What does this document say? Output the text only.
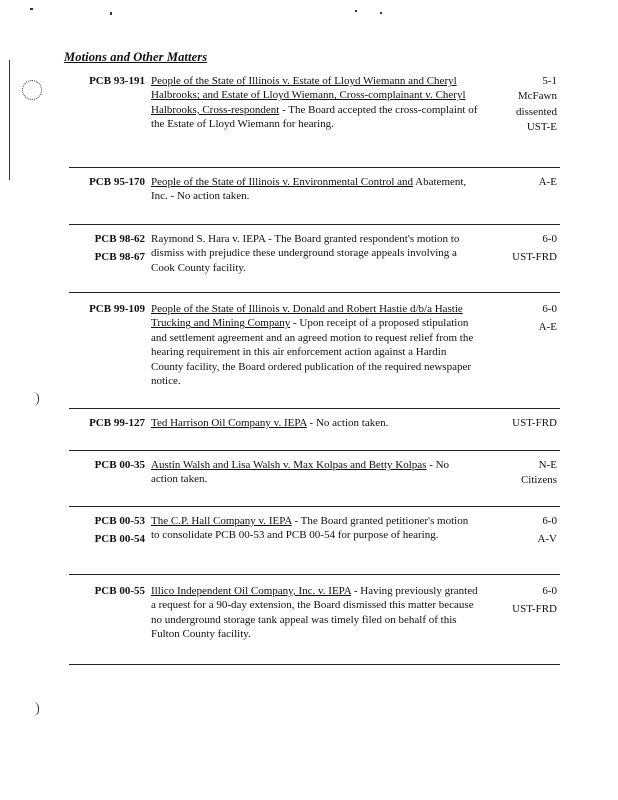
Motions and Other Matters
PCB 93-191 People of the State of Illinois v. Estate of Lloyd Wiemann and Cheryl Halbrooks; and Estate of Lloyd Wiemann, Cross-complainant v. Cheryl Halbrooks, Cross-respondent - The Board accepted the cross-complaint of the Estate of Lloyd Wiemann for hearing.
5-1
McFawn
dissented
UST-E
PCB 95-170 People of the State of Illinois v. Environmental Control and Abatement, Inc. - No action taken.
A-E
PCB 98-62
PCB 98-67
Raymond S. Hara v. IEPA - The Board granted respondent's motion to dismiss with prejudice these underground storage appeals involving a Cook County facility.
6-0
UST-FRD
PCB 99-109 People of the State of Illinois v. Donald and Robert Hastie d/b/a Hastie Trucking and Mining Company - Upon receipt of a proposed stipulation and settlement agreement and an agreed motion to request relief from the hearing requirement in this air enforcement action against a Hardin County facility, the Board ordered publication of the required newspaper notice.
6-0
A-E
PCB 99-127 Ted Harrison Oil Company v. IEPA - No action taken.	UST-FRD
PCB 00-35 Austin Walsh and Lisa Walsh v. Max Kolpas and Betty Kolpas - No action taken.
N-E
Citizens
PCB 00-53
PCB 00-54
The C.P. Hall Company v. IEPA - The Board granted petitioner's motion to consolidate PCB 00-53 and PCB 00-54 for purpose of hearing.
6-0
A-V
PCB 00-55 Illico Independent Oil Company, Inc. v. IEPA - Having previously granted a request for a 90-day extension, the Board dismissed this matter because no underground storage tank appeal was timely filed on behalf of this Fulton County facility.
6-0
UST-FRD
